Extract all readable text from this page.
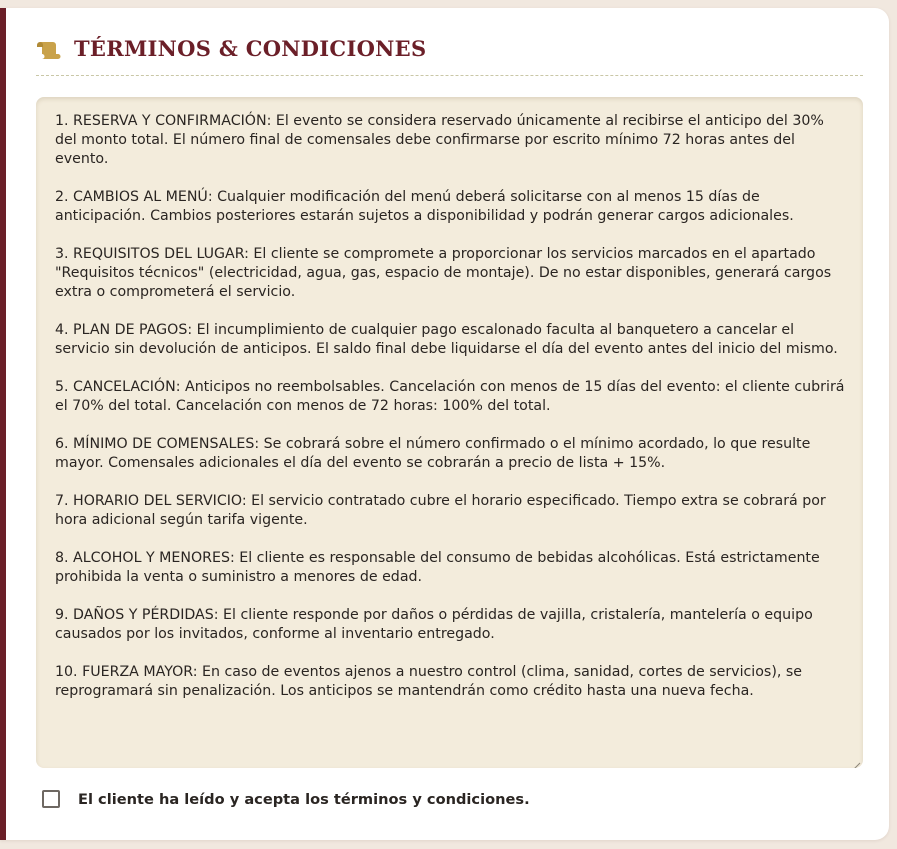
TÉRMINOS & CONDICIONES

1. RESERVA Y CONFIRMACIÓN: El evento se considera reservado únicamente al recibirse el anticipo del 30% del monto total. El número final de comensales debe confirmarse por escrito mínimo 72 horas antes del evento.

2. CAMBIOS AL MENÚ: Cualquier modificación del menú deberá solicitarse con al menos 15 días de anticipación. Cambios posteriores estarán sujetos a disponibilidad y podrán generar cargos adicionales.

3. REQUISITOS DEL LUGAR: El cliente se compromete a proporcionar los servicios marcados en el apartado "Requisitos técnicos" (electricidad, agua, gas, espacio de montaje). De no estar disponibles, generará cargos extra o comprometerá el servicio.

4. PLAN DE PAGOS: El incumplimiento de cualquier pago escalonado faculta al banquetero a cancelar el servicio sin devolución de anticipos. El saldo final debe liquidarse el día del evento antes del inicio del mismo.

5. CANCELACIÓN: Anticipos no reembolsables. Cancelación con menos de 15 días del evento: el cliente cubrirá el 70% del total. Cancelación con menos de 72 horas: 100% del total.

6. MÍNIMO DE COMENSALES: Se cobrará sobre el número confirmado o el mínimo acordado, lo que resulte mayor. Comensales adicionales el día del evento se cobrarán a precio de lista + 15%.

7. HORARIO DEL SERVICIO: El servicio contratado cubre el horario especificado. Tiempo extra se cobrará por hora adicional según tarifa vigente.

8. ALCOHOL Y MENORES: El cliente es responsable del consumo de bebidas alcohólicas. Está estrictamente prohibida la venta o suministro a menores de edad.

9. DAÑOS Y PÉRDIDAS: El cliente responde por daños o pérdidas de vajilla, cristalería, mantelería o equipo causados por los invitados, conforme al inventario entregado.

10. FUERZA MAYOR: En caso de eventos ajenos a nuestro control (clima, sanidad, cortes de servicios), se reprogramará sin penalización. Los anticipos se mantendrán como crédito hasta una nueva fecha.

El cliente ha leído y acepta los términos y condiciones.
